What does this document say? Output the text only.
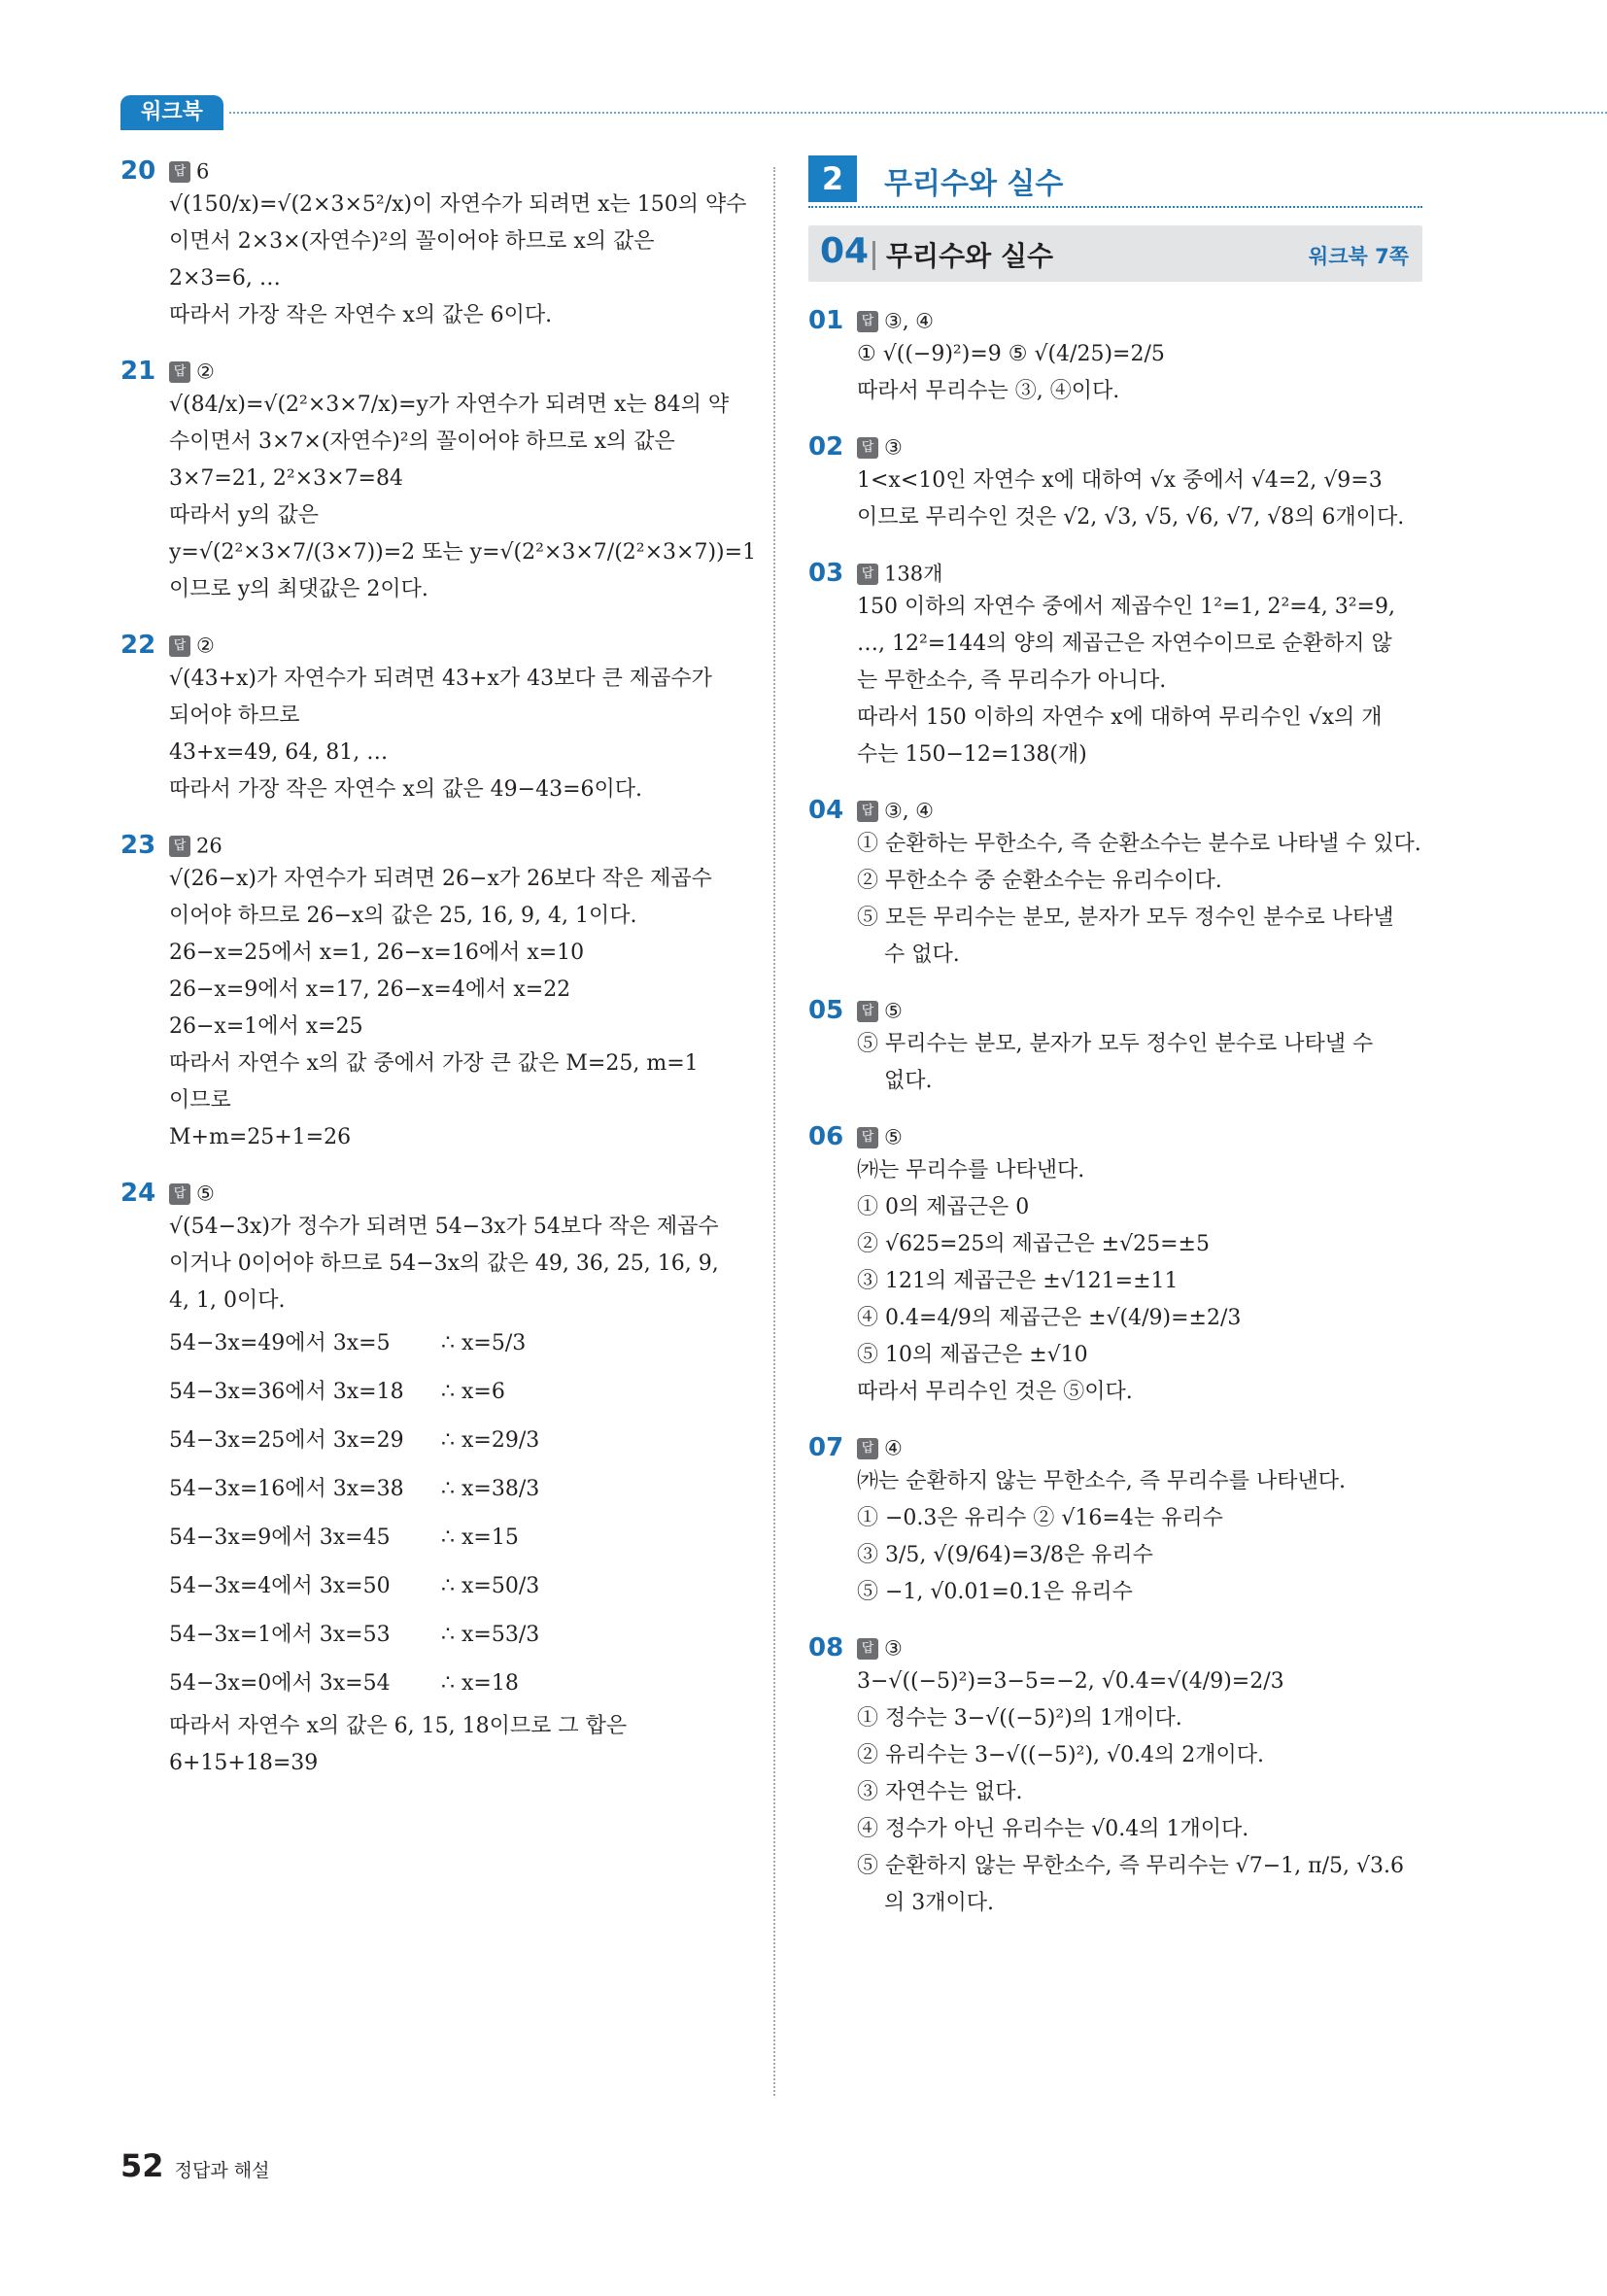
워크북
20 답 6
√(150/x)=√(2×3×5²/x)이 자연수가 되려면 x는 150의 약수
이면서 2×3×(자연수)²의 꼴이어야 하므로 x의 값은
2×3=6, …
따라서 가장 작은 자연수 x의 값은 6이다.
21 답 ②
√(84/x)=√(2²×3×7/x)=y가 자연수가 되려면 x는 84의 약
수이면서 3×7×(자연수)²의 꼴이어야 하므로 x의 값은
3×7=21, 2²×3×7=84
따라서 y의 값은
y=√(2²×3×7/(3×7))=2 또는 y=√(2²×3×7/(2²×3×7))=1
이므로 y의 최댓값은 2이다.
22 답 ②
√(43+x)가 자연수가 되려면 43+x가 43보다 큰 제곱수가
되어야 하므로
43+x=49, 64, 81, …
따라서 가장 작은 자연수 x의 값은 49−43=6이다.
23 답 26
√(26−x)가 자연수가 되려면 26−x가 26보다 작은 제곱수
이어야 하므로 26−x의 값은 25, 16, 9, 4, 1이다.
26−x=25에서 x=1, 26−x=16에서 x=10
26−x=9에서 x=17, 26−x=4에서 x=22
26−x=1에서 x=25
따라서 자연수 x의 값 중에서 가장 큰 값은 M=25, m=1
이므로
M+m=25+1=26
24 답 ⑤
√(54−3x)가 정수가 되려면 54−3x가 54보다 작은 제곱수
이거나 0이어야 하므로 54−3x의 값은 49, 36, 25, 16, 9,
4, 1, 0이다.
54−3x=49에서 3x=5	∴ x=5/3
54−3x=36에서 3x=18	∴ x=6
54−3x=25에서 3x=29	∴ x=29/3
54−3x=16에서 3x=38	∴ x=38/3
54−3x=9에서 3x=45	∴ x=15
54−3x=4에서 3x=50	∴ x=50/3
54−3x=1에서 3x=53	∴ x=53/3
54−3x=0에서 3x=54	∴ x=18
따라서 자연수 x의 값은 6, 15, 18이므로 그 합은
6+15+18=39
2	무리수와 실수
04 무리수와 실수	워크북 7쪽
01 답 ③, ④
① √((−9)²)=9 ⑤ √(4/25)=2/5
따라서 무리수는 ③, ④이다.
02 답 ③
1<x<10인 자연수 x에 대하여 √x 중에서 √4=2, √9=3
이므로 무리수인 것은 √2, √3, √5, √6, √7, √8의 6개이다.
03 답 138개
150 이하의 자연수 중에서 제곱수인 1²=1, 2²=4, 3²=9,
…, 12²=144의 양의 제곱근은 자연수이므로 순환하지 않
는 무한소수, 즉 무리수가 아니다.
따라서 150 이하의 자연수 x에 대하여 무리수인 √x의 개
수는 150−12=138(개)
04 답 ③, ④
① 순환하는 무한소수, 즉 순환소수는 분수로 나타낼 수 있다.
② 무한소수 중 순환소수는 유리수이다.
⑤ 모든 무리수는 분모, 분자가 모두 정수인 분수로 나타낼
수 없다.
05 답 ⑤
⑤ 무리수는 분모, 분자가 모두 정수인 분수로 나타낼 수
없다.
06 답 ⑤
㈎는 무리수를 나타낸다.
① 0의 제곱근은 0
② √625=25의 제곱근은 ±√25=±5
③ 121의 제곱근은 ±√121=±11
④ 0.4̇=4/9의 제곱근은 ±√(4/9)=±2/3
⑤ 10의 제곱근은 ±√10
따라서 무리수인 것은 ⑤이다.
07 답 ④
㈎는 순환하지 않는 무한소수, 즉 무리수를 나타낸다.
① −0.3은 유리수 ② √16=4는 유리수
③ 3/5, √(9/64)=3/8은 유리수
⑤ −1, √0.01=0.1은 유리수
08 답 ③
3−√((−5)²)=3−5=−2, √0.4̇=√(4/9)=2/3
① 정수는 3−√((−5)²)의 1개이다.
② 유리수는 3−√((−5)²), √0.4̇의 2개이다.
③ 자연수는 없다.
④ 정수가 아닌 유리수는 √0.4̇의 1개이다.
⑤ 순환하지 않는 무한소수, 즉 무리수는 √7−1, π/5, √3.6
의 3개이다.
52 정답과 해설
